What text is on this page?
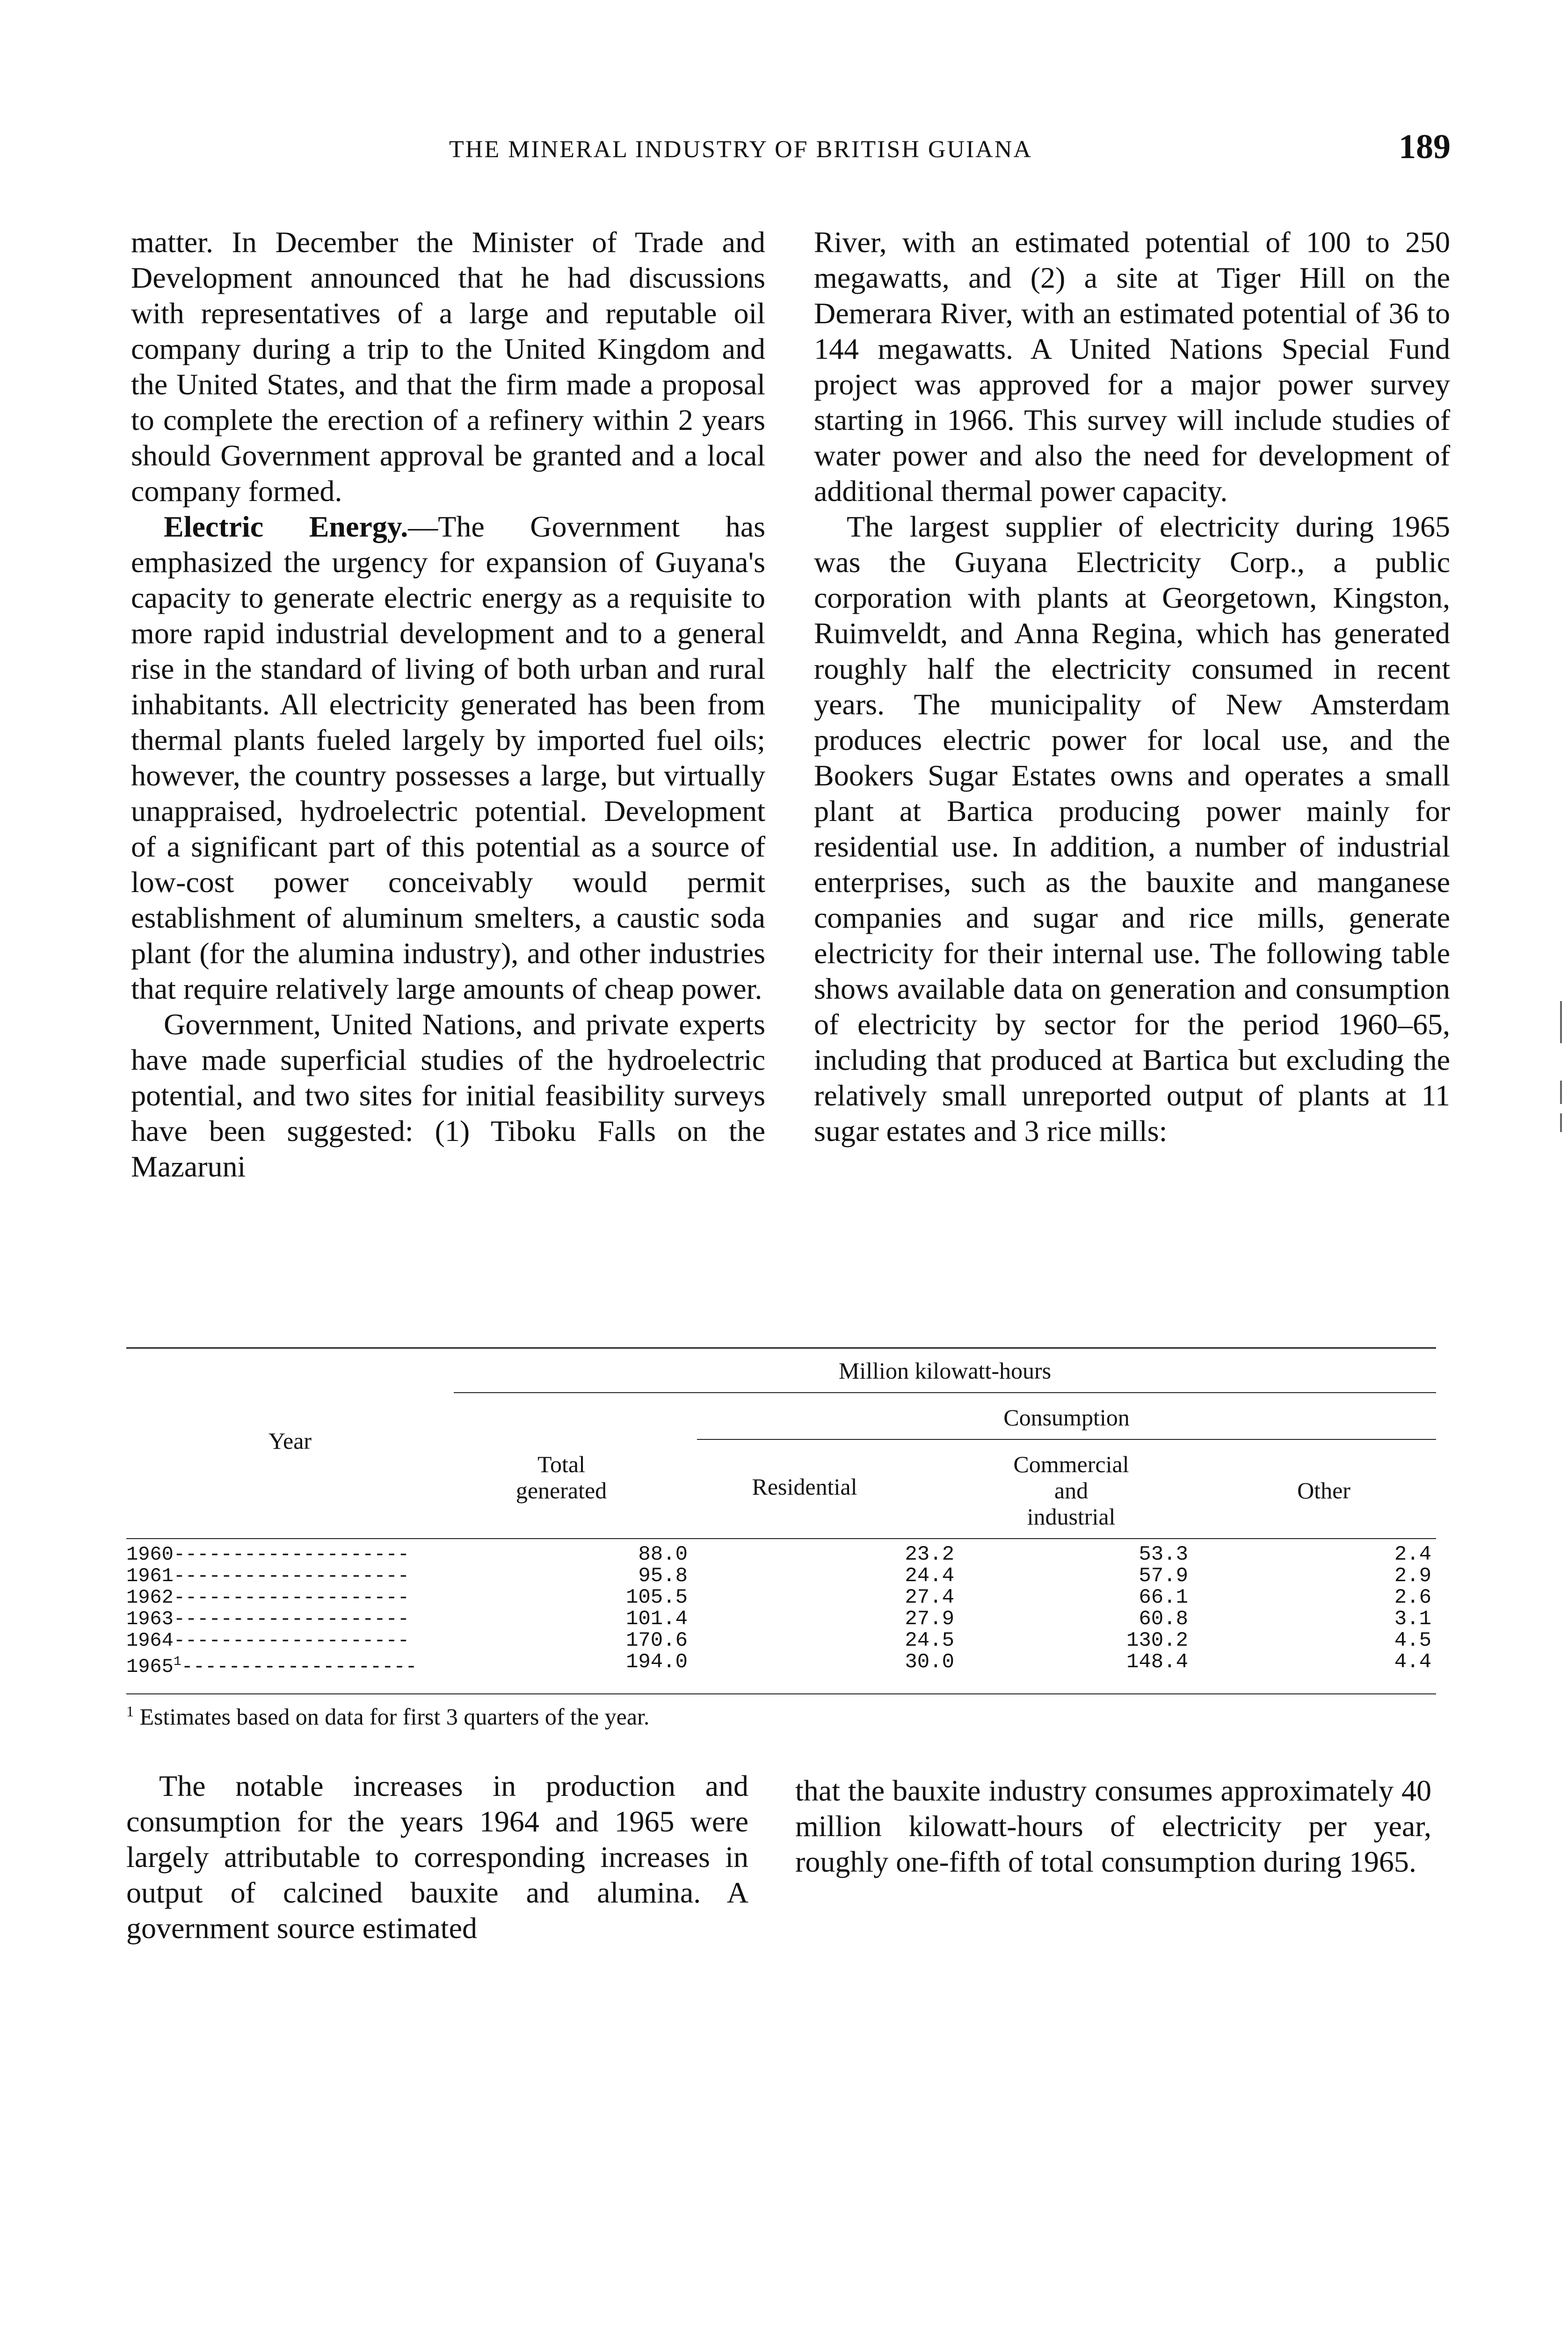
THE MINERAL INDUSTRY OF BRITISH GUIANA	189

matter. In December the Minister of Trade and Development announced that he had discussions with representatives of a large and reputable oil company during a trip to the United Kingdom and the United States, and that the firm made a proposal to complete the erection of a refinery within 2 years should Government approval be granted and a local company formed.

Electric Energy.—The Government has emphasized the urgency for expansion of Guyana's capacity to generate electric energy as a requisite to more rapid industrial development and to a general rise in the standard of living of both urban and rural inhabitants. All electricity generated has been from thermal plants fueled largely by imported fuel oils; however, the country possesses a large, but virtually unappraised, hydroelectric potential. Development of a significant part of this potential as a source of low-cost power conceivably would permit establishment of aluminum smelters, a caustic soda plant (for the alumina industry), and other industries that require relatively large amounts of cheap power.

Government, United Nations, and private experts have made superficial studies of the hydroelectric potential, and two sites for initial feasibility surveys have been suggested: (1) Tiboku Falls on the Mazaruni

River, with an estimated potential of 100 to 250 megawatts, and (2) a site at Tiger Hill on the Demerara River, with an estimated potential of 36 to 144 megawatts. A United Nations Special Fund project was approved for a major power survey starting in 1966. This survey will include studies of water power and also the need for development of additional thermal power capacity.

The largest supplier of electricity during 1965 was the Guyana Electricity Corp., a public corporation with plants at Georgetown, Kingston, Ruimveldt, and Anna Regina, which has generated roughly half the electricity consumed in recent years. The municipality of New Amsterdam produces electric power for local use, and the Bookers Sugar Estates owns and operates a small plant at Bartica producing power mainly for residential use. In addition, a number of industrial enterprises, such as the bauxite and manganese companies and sugar and rice mills, generate electricity for their internal use. The following table shows available data on generation and consumption of electricity by sector for the period 1960–65, including that produced at Bartica but excluding the relatively small unreported output of plants at 11 sugar estates and 3 rice mills:

Million kilowatt-hours
Year
Total
generated
Consumption
Residential
Commercial
and
industrial
Other
1960--------------------	88.0	23.2	53.3	2.4
1961--------------------	95.8	24.4	57.9	2.9
1962--------------------	105.5	27.4	66.1	2.6
1963--------------------	101.4	27.9	60.8	3.1
1964--------------------	170.6	24.5	130.2	4.5
1965$^1$--------------------	194.0	30.0	148.4	4.4
$^1$ Estimates based on data for first 3 quarters of the year.

The notable increases in production and consumption for the years 1964 and 1965 were largely attributable to corresponding increases in output of calcined bauxite and alumina. A government source estimated

that the bauxite industry consumes approximately 40 million kilowatt-hours of electricity per year, roughly one-fifth of total consumption during 1965.
